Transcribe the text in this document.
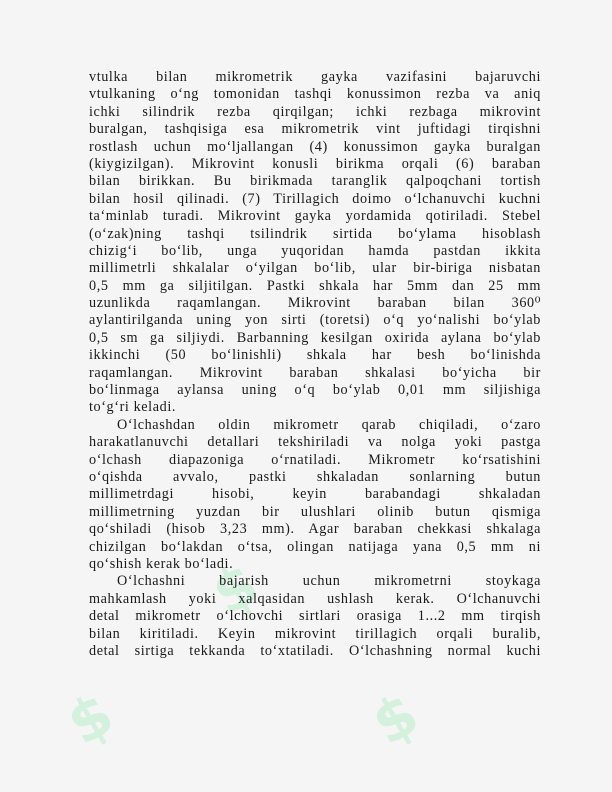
$	$
$
vtulka bilan mikrometrik gayka vazifasini bajaruvchi
vtulkaning o‘ng tomonidan tashqi konussimon rezba va aniq
ichki silindrik rezba qirqilgan; ichki rezbaga mikrovint
buralgan, tashqisiga esa mikrometrik vint juftidagi tirqishni
rostlash uchun mo‘ljallangan (4) konussimon gayka buralgan
(kiygizilgan). Mikrovint konusli birikma orqali (6) baraban
bilan birikkan. Bu birikmada taranglik qalpoqchani tortish
bilan hosil qilinadi. (7) Tirillagich doimo o‘lchanuvchi kuchni
ta‘minlab turadi. Mikrovint gayka yordamida qotiriladi. Stebel
(o‘zak)ning tashqi tsilindrik sirtida bo‘ylama hisoblash
chizig‘i bo‘lib, unga yuqoridan hamda pastdan ikkita
millimetrli shkalalar o‘yilgan bo‘lib, ular bir-biriga nisbatan
0,5 mm ga siljitilgan. Pastki shkala har 5mm dan 25 mm
uzunlikda raqamlangan. Mikrovint baraban bilan 360⁰
aylantirilganda uning yon sirti (toretsi) o‘q yo‘nalishi bo‘ylab
0,5 sm ga siljiydi. Barbanning kesilgan oxirida aylana bo‘ylab
ikkinchi (50 bo‘linishli) shkala har besh bo‘linishda
raqamlangan. Mikrovint baraban shkalasi bo‘yicha bir
bo‘linmaga aylansa uning o‘q bo‘ylab 0,01 mm siljishiga
to‘g‘ri keladi.
O‘lchashdan oldin mikrometr qarab chiqiladi, o‘zaro
harakatlanuvchi detallari tekshiriladi va nolga yoki pastga
o‘lchash diapazoniga o‘rnatiladi. Mikrometr ko‘rsatishini
o‘qishda avvalo, pastki shkaladan sonlarning butun
millimetrdagi hisobi, keyin barabandagi shkaladan
millimetrning yuzdan bir ulushlari olinib butun qismiga
qo‘shiladi (hisob 3,23 mm). Agar baraban chekkasi shkalaga
chizilgan bo‘lakdan o‘tsa, olingan natijaga yana 0,5 mm ni
qo‘shish kerak bo‘ladi.
O‘lchashni bajarish uchun mikrometrni stoykaga
mahkamlash yoki xalqasidan ushlash kerak. O‘lchanuvchi
detal mikrometr o‘lchovchi sirtlari orasiga 1...2 mm tirqish
bilan kiritiladi. Keyin mikrovint tirillagich orqali buralib,
detal sirtiga tekkanda to‘xtatiladi. O‘lchashning normal kuchi
